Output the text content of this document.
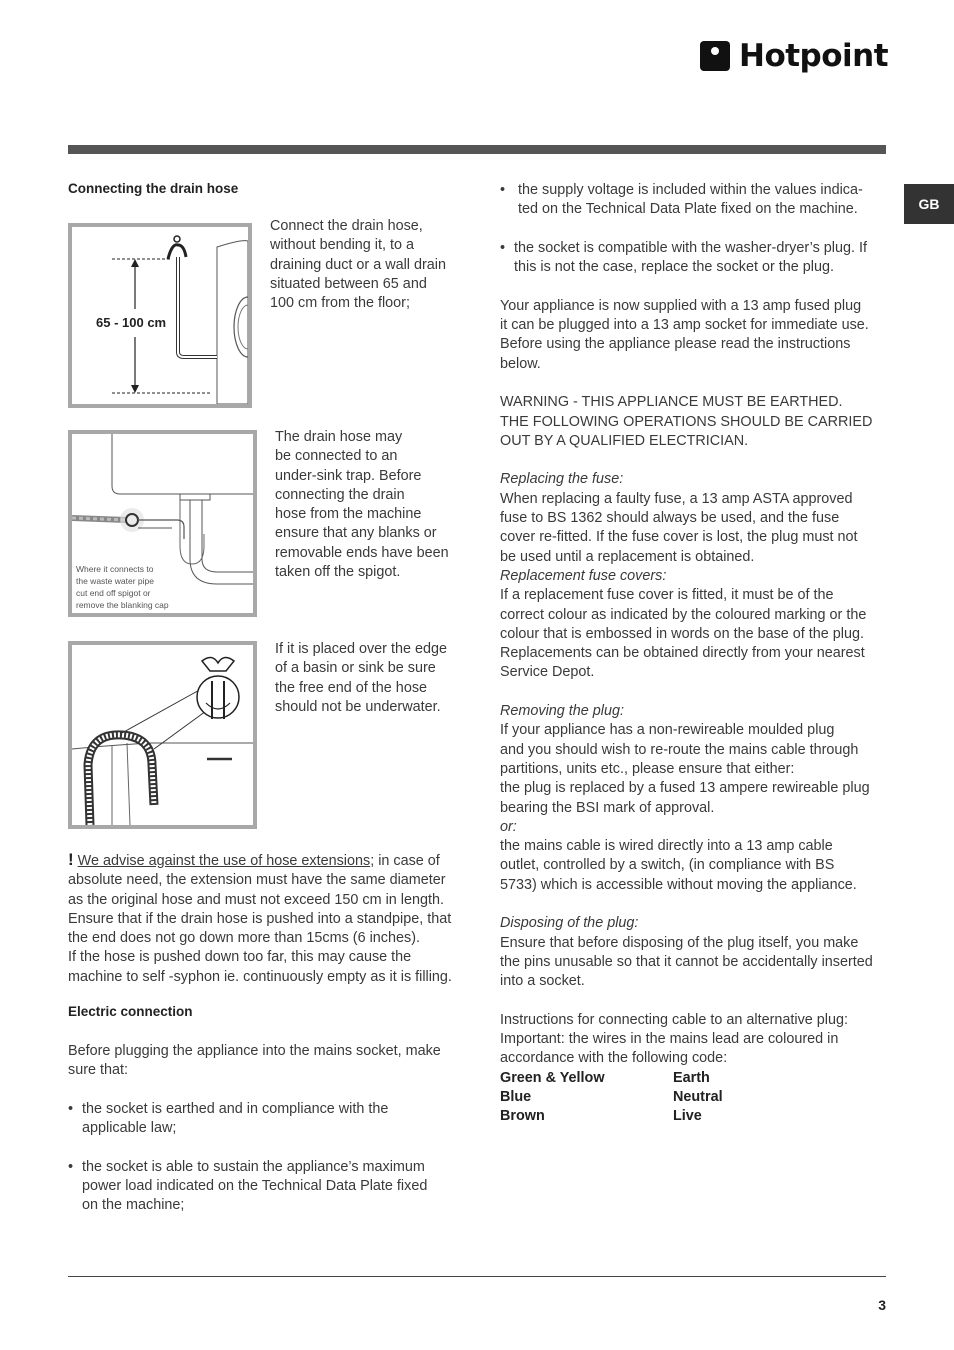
Hotpoint
GB
Connecting the drain hose
65 - 100 cm

Connect the drain hose,

without bending it, to a

draining duct or a wall drain

situated between 65 and

100 cm from the floor;

Where it connects to

the waste water pipe

cut end off spigot or

remove the blanking cap

The drain hose may

be connected to an

under-sink trap. Before

connecting the drain

hose from the machine

ensure that any blanks or

removable ends have been

taken off the spigot.

If it is placed over the edge

of a basin or sink be sure

the free end of the hose

should not be underwater.

! We advise against the use of hose extensions; in case of

absolute need, the extension must have the same diameter

as the original hose and must not exceed 150 cm in length.

Ensure that if the drain hose is pushed into a standpipe, that

the end does not go down more than 15cms (6 inches).

If the hose is pushed down too far, this may cause the

machine to self -syphon ie. continuously empty as it is filling.

Electric connection

Before plugging the appliance into the mains socket, make

sure that:

• the socket is earthed and in compliance with the

applicable law;

• the socket is able to sustain the appliance’s maximum

power load indicated on the Technical Data Plate fixed

on the machine;

• the supply voltage is included within the values indica-

ted on the Technical Data Plate fixed on the machine.

• the socket is compatible with the washer-dryer’s plug. If

this is not the case, replace the socket or the plug.

Your appliance is now supplied with a 13 amp fused plug

it can be plugged into a 13 amp socket for immediate use.

Before using the appliance please read the instructions

below.

WARNING - THIS APPLIANCE MUST BE EARTHED.

THE FOLLOWING OPERATIONS SHOULD BE CARRIED

OUT BY A QUALIFIED ELECTRICIAN.

Replacing the fuse:

When replacing a faulty fuse, a 13 amp ASTA approved

fuse to BS 1362 should always be used, and the fuse

cover re-fitted. If the fuse cover is lost, the plug must not

be used until a replacement is obtained.

Replacement fuse covers:

If a replacement fuse cover is fitted, it must be of the

correct colour as indicated by the coloured marking or the

colour that is embossed in words on the base of the plug.

Replacements can be obtained directly from your nearest

Service Depot.

Removing the plug:

If your appliance has a non-rewireable moulded plug

and you should wish to re-route the mains cable through

partitions, units etc., please ensure that either:

the plug is replaced by a fused 13 ampere rewireable plug

bearing the BSI mark of approval.

or:

the mains cable is wired directly into a 13 amp cable

outlet, controlled by a switch, (in compliance with BS

5733) which is accessible without moving the appliance.

Disposing of the plug:

Ensure that before disposing of the plug itself, you make

the pins unusable so that it cannot be accidentally inserted

into a socket.

Instructions for connecting cable to an alternative plug:

Important: the wires in the mains lead are coloured in

accordance with the following code:

Green & Yellow	Earth
Blue	Neutral
Brown	Live
3
